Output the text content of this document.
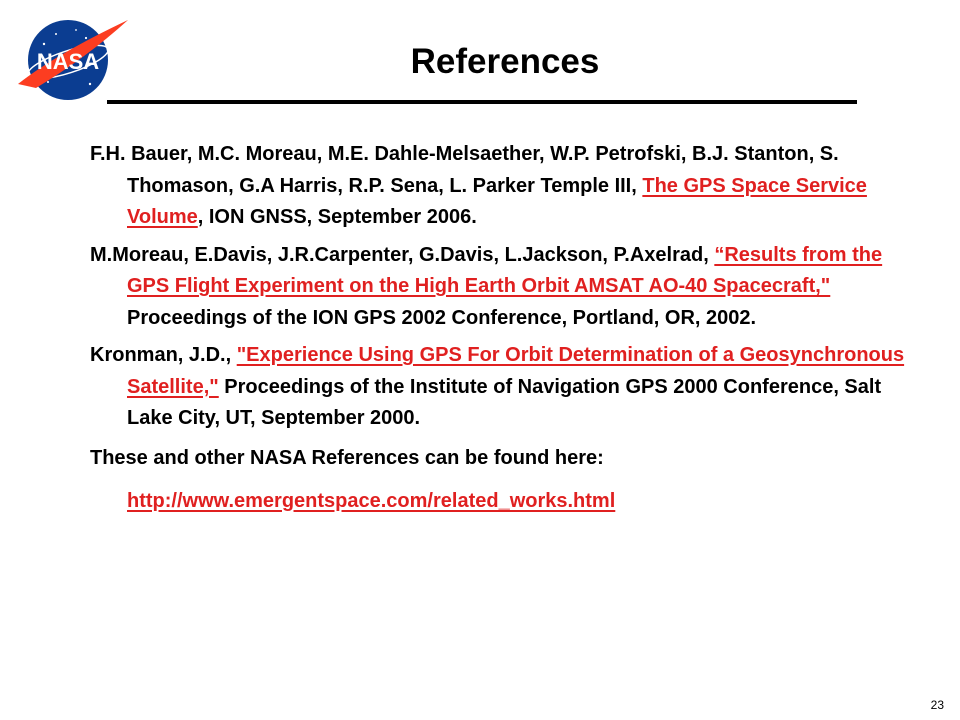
NASA	References

F.H. Bauer, M.C. Moreau, M.E. Dahle-Melsaether, W.P. Petrofski, B.J. Stanton, S. Thomason, G.A Harris, R.P. Sena, L. Parker Temple III, The GPS Space Service Volume, ION GNSS, September 2006.

M.Moreau, E.Davis, J.R.Carpenter, G.Davis, L.Jackson, P.Axelrad, “Results from the GPS Flight Experiment on the High Earth Orbit AMSAT AO-40 Spacecraft," Proceedings of the ION GPS 2002 Conference, Portland, OR, 2002.

Kronman, J.D., "Experience Using GPS For Orbit Determination of a Geosynchronous Satellite," Proceedings of the Institute of Navigation GPS 2000 Conference, Salt Lake City, UT, September 2000.

These and other NASA References can be found here:

http://www.emergentspace.com/related_works.html
23
